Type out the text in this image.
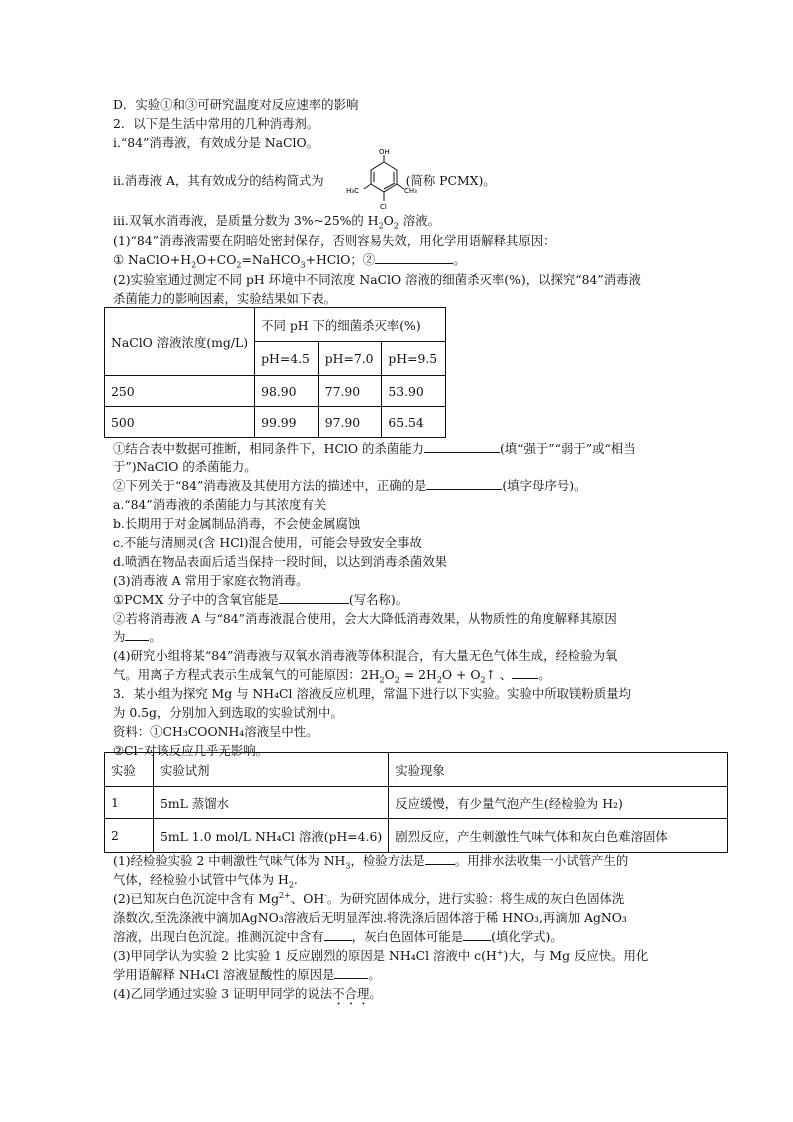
D．实验①和③可研究温度对反应速率的影响
2．以下是生活中常用的几种消毒剂。
i.“84”消毒液，有效成分是 NaClO。
ii.消毒液 A，其有效成分的结构简式为	(简称 PCMX)。
OH
H₃C	CH₃
Cl
iii.双氧水消毒液，是质量分数为 3%~25%的 $H_2O_2$ 溶液。
(1)“84”消毒液需要在阴暗处密封保存，否则容易失效，用化学用语解释其原因：
① $NaClO+H_2O+CO_2=NaHCO_3+HClO$；②	。
(2)实验室通过测定不同 pH 环境中不同浓度 NaClO 溶液的细菌杀灭率(%)，以探究“84”消毒液
杀菌能力的影响因素，实验结果如下表。
NaClO 溶液浓度(mg/L)	不同 pH 下的细菌杀灭率(%)		
	pH=4.5	pH=7.0	pH=9.5
250	98.90	77.90	53.90
500	99.99	97.90	65.54
①结合表中数据可推断，相同条件下，HClO 的杀菌能力	(填“强于”“弱于”或“相当
于”)NaClO 的杀菌能力。
②下列关于“84”消毒液及其使用方法的描述中，正确的是	(填字母序号)。
a.“84”消毒液的杀菌能力与其浓度有关
b.长期用于对金属制品消毒，不会使金属腐蚀
c.不能与清厕灵(含 HCl)混合使用，可能会导致安全事故
d.喷洒在物品表面后适当保持一段时间，以达到消毒杀菌效果
(3)消毒液 A 常用于家庭衣物消毒。
①PCMX 分子中的含氧官能是	(写名称)。
②若将消毒液 A 与“84”消毒液混合使用，会大大降低消毒效果，从物质性的角度解释其原因
为 。
(4)研究小组将某“84”消毒液与双氧水消毒液等体积混合，有大量无色气体生成，经检验为氧
气。用离子方程式表示生成氧气的可能原因：$2H_2O_2 = 2H_2O$ + $O_2↑$ 、 。
3．某小组为探究 Mg 与 NH₄Cl 溶液反应机理，常温下进行以下实验。实验中所取镁粉质量均
为 0.5g，分别加入到选取的实验试剂中。
资料：①CH₃COONH₄溶液呈中性。
②Cl⁻对该反应几乎无影响。
实验	实验试剂	实验现象
1	5mL 蒸馏水	反应缓慢，有少量气泡产生(经检验为 H₂)
2	5mL 1.0 mol/L NH₄Cl 溶液(pH=4.6)	剧烈反应，产生刺激性气味气体和灰白色难溶固体
(1)经检验实验 2 中刺激性气味气体为 $NH_3$，检验方法是 。用排水法收集一小试管产生的
气体，经检验小试管中气体为 $H_2$.
(2)已知灰白色沉淀中含有 $Mg^{2+}$、OH-。为研究固体成分，进行实验：将生成的灰白色固体洗
涤数次,至洗涤液中滴加AgNO₃溶液后无明显浑浊.将洗涤后固体溶于稀 HNO₃,再滴加 AgNO₃
溶液，出现白色沉淀。推测沉淀中含有 ，灰白色固体可能是 (填化学式)。
(3)甲同学认为实验 2 比实验 1 反应剧烈的原因是 NH₄Cl 溶液中 c(H+)大，与 Mg 反应快。用化
学用语解释 NH₄Cl 溶液显酸性的原因是	。
(4)乙同学通过实验 3 证明甲同学的说法不合理。
